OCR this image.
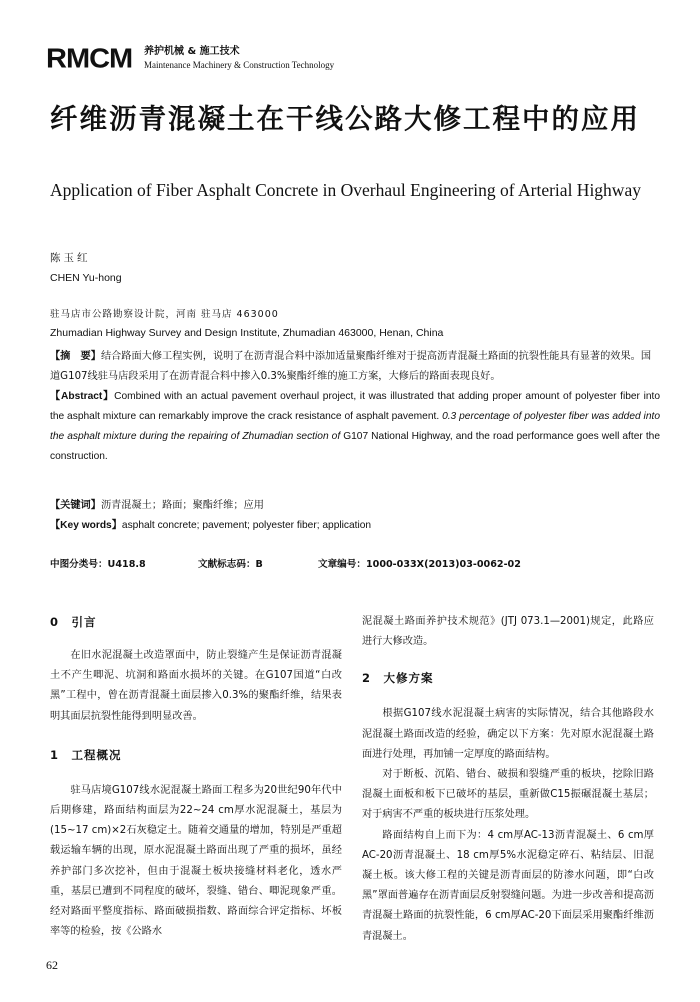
RMCM 养护机械 & 施工技术
Maintenance Machinery & Construction Technology
纤维沥青混凝土在干线公路大修工程中的应用
Application of Fiber Asphalt Concrete in Overhaul Engineering of Arterial Highway
陈玉红
CHEN Yu-hong
驻马店市公路勘察设计院，河南 驻马店 463000
Zhumadian Highway Survey and Design Institute, Zhumadian 463000, Henan, China

【摘　要】结合路面大修工程实例，说明了在沥青混合料中添加适量聚酯纤维对于提高沥青混凝土路面的抗裂性能具有显著的效果。国道G107线驻马店段采用了在沥青混合料中掺入0.3%聚酯纤维的施工方案，大修后的路面表现良好。

【Abstract】Combined with an actual pavement overhaul project, it was illustrated that adding proper amount of polyester fiber into the asphalt mixture can remarkably improve the crack resistance of asphalt pavement. 0.3 percentage of polyester fiber was added into the asphalt mixture during the repairing of Zhumadian section of G107 National Highway, and the road performance goes well after the construction.

【关键词】沥青混凝土；路面；聚酯纤维；应用

【Key words】asphalt concrete; pavement; polyester fiber; application

中图分类号：U418.8	文献标志码：B	文章编号：1000-033X(2013)03-0062-02

0　引言

在旧水泥混凝土改造罩面中，防止裂缝产生是保证沥青混凝土不产生唧泥、坑洞和路面水损坏的关键。在G107国道“白改黑”工程中，曾在沥青混凝土面层掺入0.3%的聚酯纤维，结果表明其面层抗裂性能得到明显改善。

1　工程概况

驻马店境G107线水泥混凝土路面工程多为20世纪90年代中后期修建，路面结构面层为22~24 cm厚水泥混凝土，基层为(15~17 cm)×2石灰稳定土。随着交通量的增加，特别是严重超载运输车辆的出现，原水泥混凝土路面出现了严重的损坏，虽经养护部门多次挖补，但由于混凝土板块接缝材料老化，透水严重，基层已遭到不同程度的破坏，裂缝、错台、唧泥现象严重。经对路面平整度指标、路面破损指数、路面综合评定指标、坏板率等的检验，按《公路水

泥混凝土路面养护技术规范》(JTJ 073.1—2001)规定，此路应进行大修改造。

2　大修方案

根据G107线水泥混凝土病害的实际情况，结合其他路段水泥混凝土路面改造的经验，确定以下方案：先对原水泥混凝土路面进行处理，再加铺一定厚度的路面结构。

对于断板、沉陷、错台、破损和裂缝严重的板块，挖除旧路混凝土面板和板下已破坏的基层，重新做C15振碾混凝土基层；对于病害不严重的板块进行压浆处理。

路面结构自上而下为：4 cm厚AC-13沥青混凝土、6 cm厚AC-20沥青混凝土、18 cm厚5%水泥稳定碎石、粘结层、旧混凝土板。该大修工程的关键是沥青面层的防渗水问题，即“白改黑”罩面普遍存在沥青面层反射裂缝问题。为进一步改善和提高沥青混凝土路面的抗裂性能，6 cm厚AC-20下面层采用聚酯纤维沥青混凝土。

62
